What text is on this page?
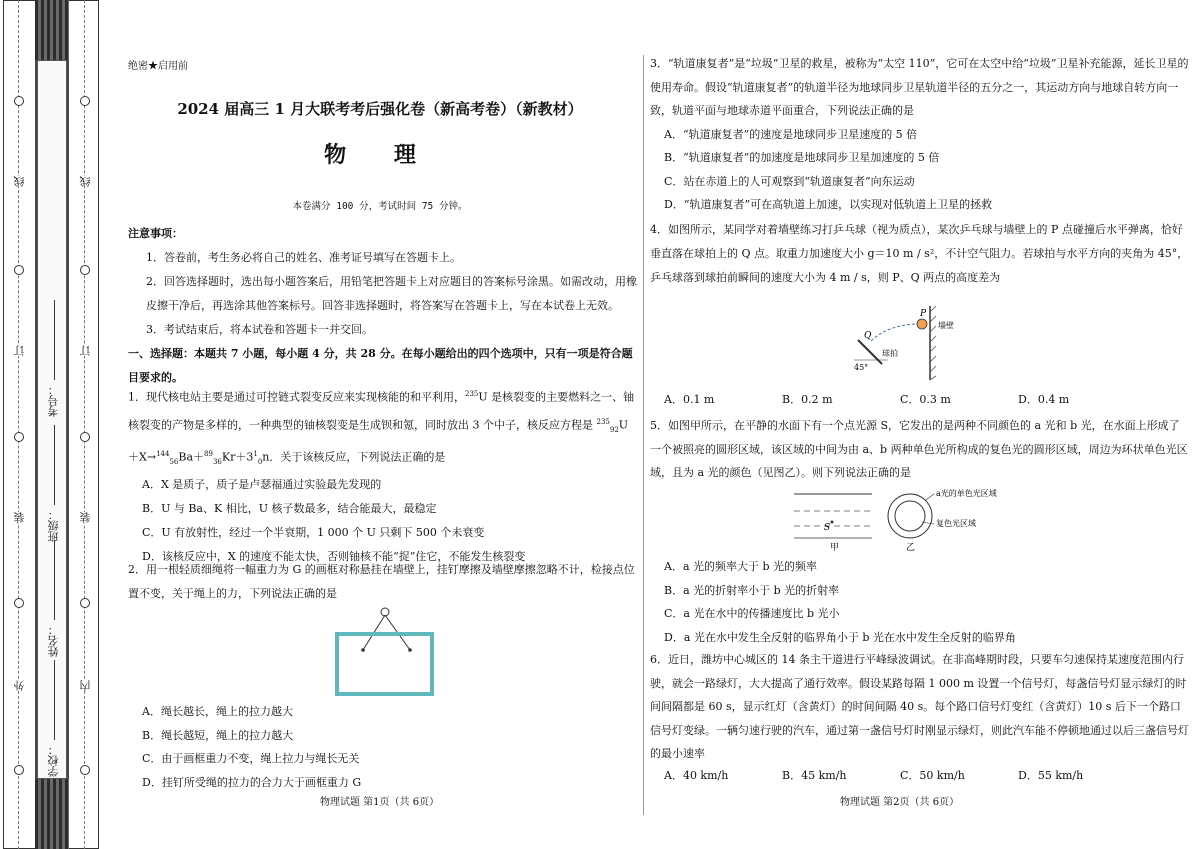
线
订
装
外
线
订
装
内
考号：
班级：
姓名：
学校：
绝密★启用前
2024 届高三 1 月大联考考后强化卷（新高考卷）（新教材）
物 理
本卷满分 100 分，考试时间 75 分钟。
注意事项：
1．答卷前，考生务必将自己的姓名、准考证号填写在答题卡上。
2．回答选择题时，选出每小题答案后，用铅笔把答题卡上对应题目的答案标号涂黑。如需改动，用橡皮擦干净后，再选涂其他答案标号。回答非选择题时，将答案写在答题卡上，写在本试卷上无效。
3．考试结束后，将本试卷和答题卡一并交回。
一、选择题：本题共 7 小题，每小题 4 分，共 28 分。在每小题给出的四个选项中，只有一项是符合题目要求的。
1．现代核电站主要是通过可控链式裂变反应来实现核能的和平利用，$^{235}$U 是核裂变的主要燃料之一、铀核裂变的产物是多样的，一种典型的铀核裂变是生成钡和氪，同时放出 3 个中子，核反应方程是 $^{235}_{92}U+X\to^{144}_{56}Ba+^{89}_{36}Kr+3^1_0n$．关于该核反应，下列说法正确的是
A．X 是质子，质子是卢瑟福通过实验最先发现的
B．U 与 Ba、K 相比，U 核子数最多，结合能最大，最稳定
C．U 有放射性，经过一个半衰期，1 000 个 U 只剩下 500 个未衰变
D．该核反应中，X 的速度不能太快，否则铀核不能“捉”住它，不能发生核裂变
2．用一根轻质细绳将一幅重力为 G 的画框对称悬挂在墙壁上，挂钉摩擦及墙壁摩擦忽略不计，检接点位置不变，关于绳上的力，下列说法正确的是
A．绳长越长，绳上的拉力越大
B．绳长越短，绳上的拉力越大
C．由于画框重力不变，绳上拉力与绳长无关
D．挂钉所受绳的拉力的合力大于画框重力 G
物理试题 第1页（共 6页）
3．“轨道康复者”是“垃圾”卫星的救星，被称为“太空 110”，它可在太空中给“垃圾”卫星补充能源，延长卫星的使用寿命。假设“轨道康复者”的轨道半径为地球同步卫星轨道半径的五分之一，其运动方向与地球自转方向一致，轨道平面与地球赤道平面重合，下列说法正确的是
A．“轨道康复者”的速度是地球同步卫星速度的 5 倍
B．“轨道康复者”的加速度是地球同步卫星加速度的 5 倍
C．站在赤道上的人可观察到“轨道康复者”向东运动
D．“轨道康复者”可在高轨道上加速，以实现对低轨道上卫星的拯救
4．如图所示，某同学对着墙壁练习打乒乓球（视为质点），某次乒乓球与墙壁上的 P 点碰撞后水平弹离，恰好垂直落在球拍上的 Q 点。取重力加速度大小 g＝10 m / s²，不计空气阻力。若球拍与水平方向的夹角为 45°，乒乓球落到球拍前瞬间的速度大小为 4 m / s，则 P、Q 两点的高度差为
P
Q
墙壁
球拍
45°
A．0.1 m	B．0.2 m	C．0.3 m	D．0.4 m
5．如图甲所示，在平静的水面下有一个点光源 S，它发出的是两种不同颜色的 a 光和 b 光，在水面上形成了一个被照亮的圆形区域，该区域的中间为由 a、b 两种单色光所构成的复色光的圆形区域，周边为环状单色光区域，且为 a 光的颜色（见图乙）。则下列说法正确的是
S
甲
a光的单色光区域
复色光区域
乙
A．a 光的频率大于 b 光的频率
B．a 光的折射率小于 b 光的折射率
C．a 光在水中的传播速度比 b 光小
D．a 光在水中发生全反射的临界角小于 b 光在水中发生全反射的临界角
6．近日，潍坊中心城区的 14 条主干道进行平峰绿波调试。在非高峰期时段，只要车匀速保持某速度范围内行驶，就会一路绿灯，大大提高了通行效率。假设某路每隔 1 000 m 设置一个信号灯，每盏信号灯显示绿灯的时间间隔都是 60 s，显示红灯（含黄灯）的时间间隔 40 s。每个路口信号灯变红（含黄灯）10 s 后下一个路口信号灯变绿。一辆匀速行驶的汽车，通过第一盏信号灯时刚显示绿灯，则此汽车能不停顿地通过以后三盏信号灯的最小速率
A．40 km/h	B．45 km/h	C．50 km/h	D．55 km/h
物理试题 第2页（共 6页）
